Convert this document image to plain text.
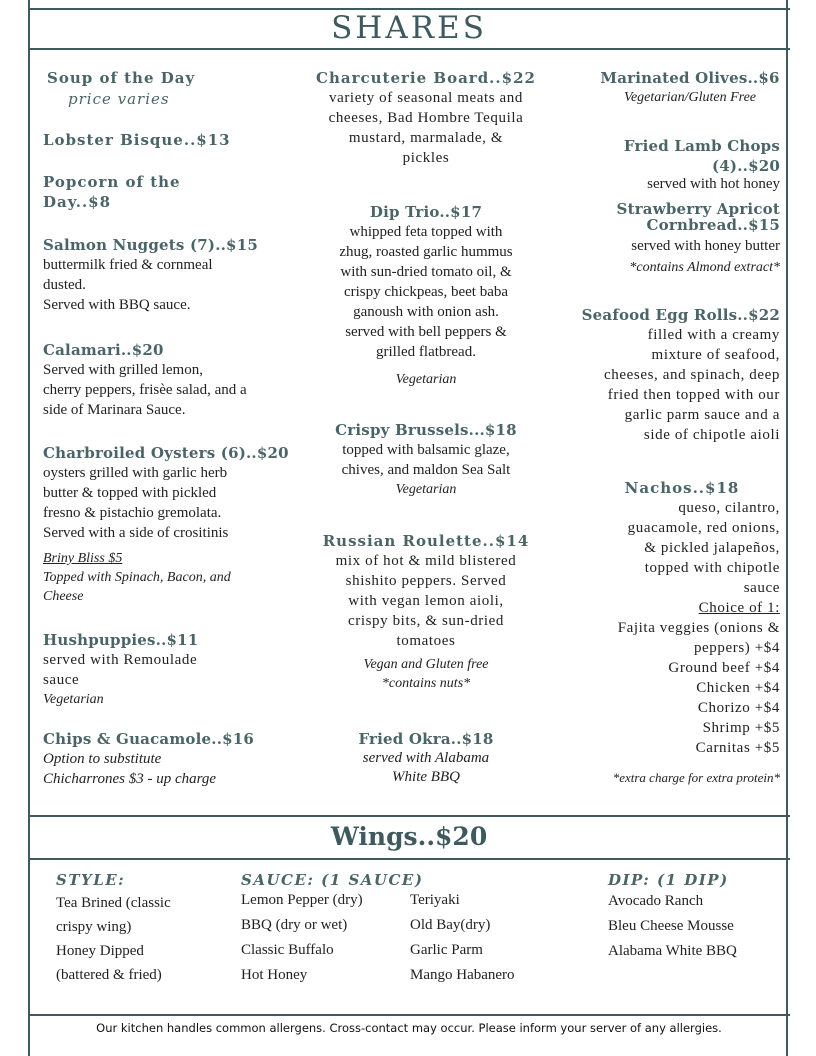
SHARES
Soup of the Day
price varies
Lobster Bisque..$13
Popcorn of the
Day..$8
Salmon Nuggets (7)..$15
buttermilk fried & cornmeal
dusted.
Served with BBQ sauce.
Calamari..$20
Served with grilled lemon,
cherry peppers, frisèe salad, and a
side of Marinara Sauce.
Charbroiled Oysters (6)..$20
oysters grilled with garlic herb
butter & topped with pickled
fresno & pistachio gremolata.
Served with a side of crositinis
Briny Bliss $5
Topped with Spinach, Bacon, and
Cheese
Hushpuppies..$11
served with Remoulade
sauce
Vegetarian
Chips & Guacamole..$16
Option to substitute
Chicharrones $3 - up charge
Charcuterie Board..$22
variety of seasonal meats and
cheeses, Bad Hombre Tequila
mustard, marmalade, &
pickles
Dip Trio..$17
whipped feta topped with
zhug, roasted garlic hummus
with sun-dried tomato oil, &
crispy chickpeas, beet baba
ganoush with onion ash.
served with bell peppers &
grilled flatbread.
Vegetarian
Crispy Brussels...$18
topped with balsamic glaze,
chives, and maldon Sea Salt
Vegetarian
Russian Roulette..$14
mix of hot & mild blistered
shishito peppers. Served
with vegan lemon aioli,
crispy bits, & sun-dried
tomatoes
Vegan and Gluten free
*contains nuts*
Fried Okra..$18
served with Alabama
White BBQ
Marinated Olives..$6
Vegetarian/Gluten Free
Fried Lamb Chops (4)..$20
served with hot honey
Strawberry Apricot
Cornbread..$15
served with honey butter
*contains Almond extract*
Seafood Egg Rolls..$22
filled with a creamy
mixture of seafood,
cheeses, and spinach, deep
fried then topped with our
garlic parm sauce and a
side of chipotle aioli
Nachos..$18
queso, cilantro,
guacamole, red onions,
& pickled jalapeños,
topped with chipotle
sauce
Choice of 1:
Fajita veggies (onions &
peppers) +$4
Ground beef +$4
Chicken +$4
Chorizo +$4
Shrimp +$5
Carnitas +$5
*extra charge for extra protein*
Wings..$20
STYLE:
Tea Brined (classic
crispy wing)
Honey Dipped
(battered & fried)
SAUCE: (1 SAUCE)
Lemon Pepper (dry)
BBQ (dry or wet)
Classic Buffalo
Hot Honey
Teriyaki
Old Bay(dry)
Garlic Parm
Mango Habanero
DIP: (1 DIP)
Avocado Ranch
Bleu Cheese Mousse
Alabama White BBQ
Our kitchen handles common allergens. Cross-contact may occur. Please inform your server of any allergies.
